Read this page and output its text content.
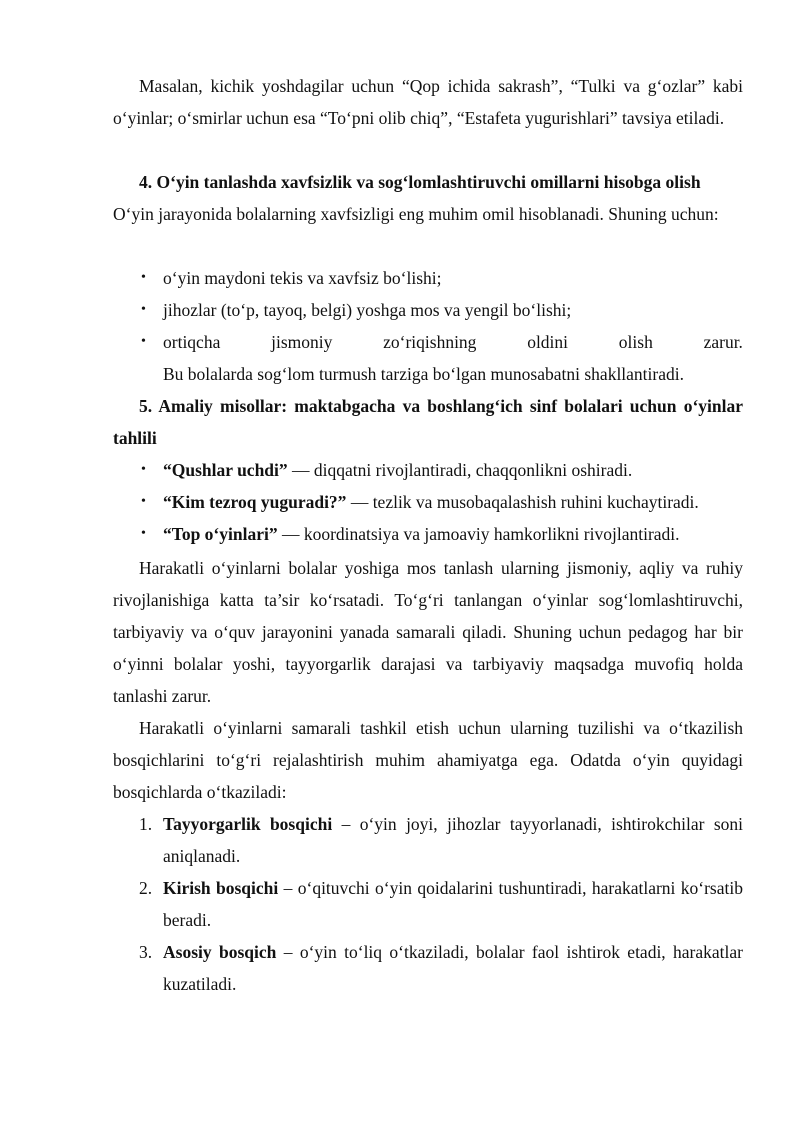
Masalan, kichik yoshdagilar uchun “Qop ichida sakrash”, “Tulki va g‘ozlar” kabi o‘yinlar; o‘smirlar uchun esa “To‘pni olib chiq”, “Estafeta yugurishlari” tavsiya etiladi.
4. O‘yin tanlashda xavfsizlik va sog‘lomlashtiruvchi omillarni hisobga olish
O‘yin jarayonida bolalarning xavfsizligi eng muhim omil hisoblanadi. Shuning uchun:
• o‘yin maydoni tekis va xavfsiz bo‘lishi;
• jihozlar (to‘p, tayoq, belgi) yoshga mos va yengil bo‘lishi;
• ortiqcha	jismoniy	zo‘riqishning	oldini	olish	zarur.
Bu bolalarda sog‘lom turmush tarziga bo‘lgan munosabatni shakllantiradi.
5. Amaliy misollar: maktabgacha va boshlang‘ich sinf bolalari uchun o‘yinlar tahlili
• “Qushlar uchdi” — diqqatni rivojlantiradi, chaqqonlikni oshiradi.
• “Kim tezroq yuguradi?” — tezlik va musobaqalashish ruhini kuchaytiradi.
• “Top o‘yinlari” — koordinatsiya va jamoaviy hamkorlikni rivojlantiradi.
Harakatli o‘yinlarni bolalar yoshiga mos tanlash ularning jismoniy, aqliy va ruhiy rivojlanishiga katta ta’sir ko‘rsatadi. To‘g‘ri tanlangan o‘yinlar sog‘lomlashtiruvchi, tarbiyaviy va o‘quv jarayonini yanada samarali qiladi. Shuning uchun pedagog har bir o‘yinni bolalar yoshi, tayyorgarlik darajasi va tarbiyaviy maqsadga muvofiq holda tanlashi zarur.
Harakatli o‘yinlarni samarali tashkil etish uchun ularning tuzilishi va o‘tkazilish bosqichlarini to‘g‘ri rejalashtirish muhim ahamiyatga ega. Odatda o‘yin quyidagi bosqichlarda o‘tkaziladi:
1. Tayyorgarlik bosqichi – o‘yin joyi, jihozlar tayyorlanadi, ishtirokchilar soni aniqlanadi.
2. Kirish bosqichi – o‘qituvchi o‘yin qoidalarini tushuntiradi, harakatlarni ko‘rsatib beradi.
3. Asosiy bosqich – o‘yin to‘liq o‘tkaziladi, bolalar faol ishtirok etadi, harakatlar kuzatiladi.
